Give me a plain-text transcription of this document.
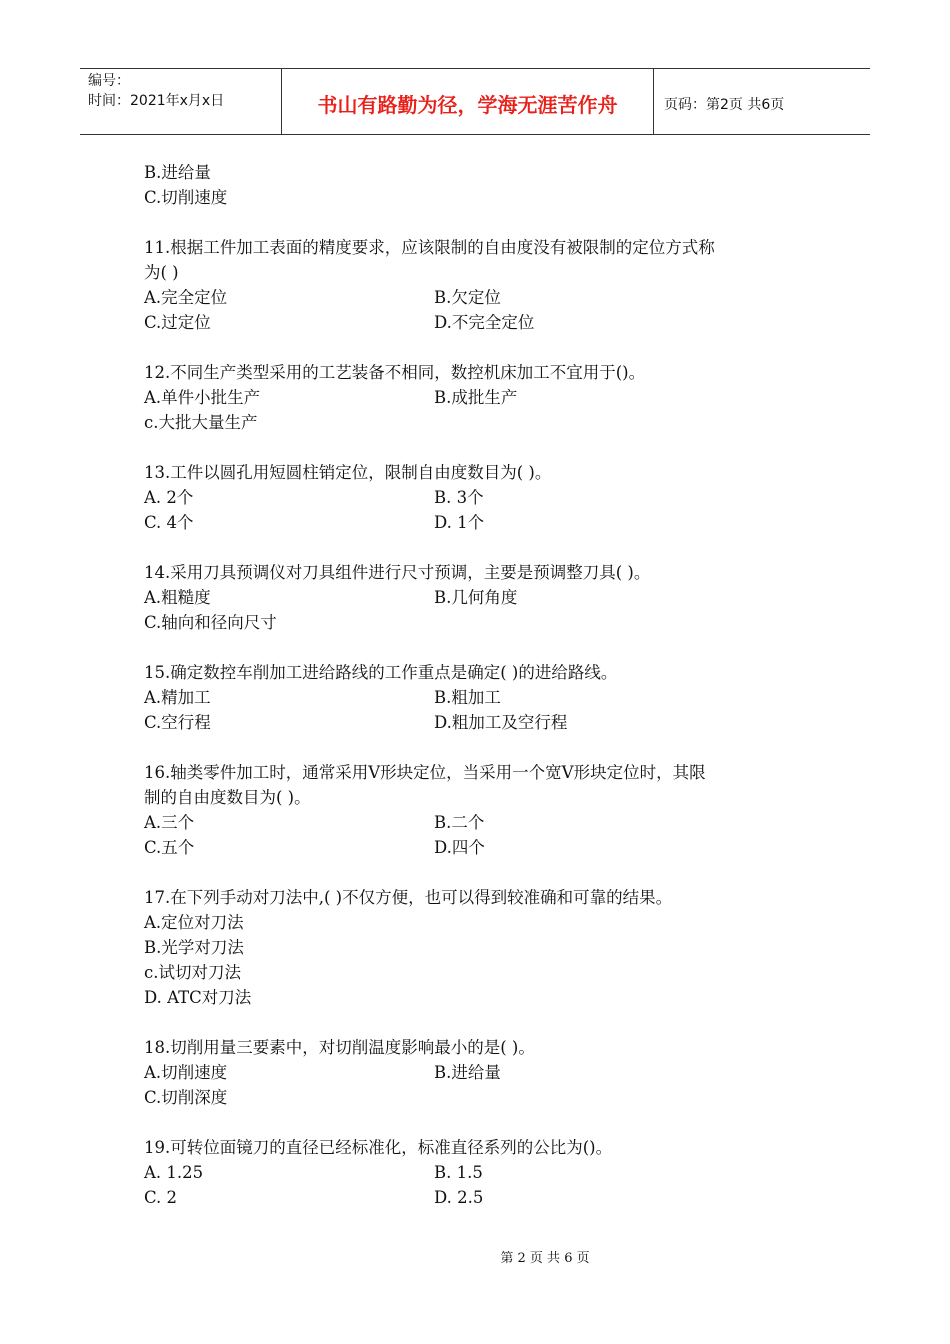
编号：
时间：2021年x月x日	书山有路勤为径，学海无涯苦作舟	页码：第2页 共6页
B.进给量
C.切削速度
11.根据工件加工表面的精度要求，应该限制的自由度没有被限制的定位方式称
为( )
A.完全定位	B.欠定位
C.过定位	D.不完全定位
12.不同生产类型采用的工艺装备不相同，数控机床加工不宜用于()。
A.单件小批生产	B.成批生产
c.大批大量生产
13.工件以圆孔用短圆柱销定位，限制自由度数目为( )。
A. 2个	B. 3个
C. 4个	D. 1个
14.采用刀具预调仪对刀具组件进行尺寸预调，主要是预调整刀具( )。
A.粗糙度	B.几何角度
C.轴向和径向尺寸
15.确定数控车削加工进给路线的工作重点是确定( )的进给路线。
A.精加工	B.粗加工
C.空行程	D.粗加工及空行程
16.轴类零件加工时，通常采用V形块定位，当采用一个宽V形块定位时，其限
制的自由度数目为( )。
A.三个	B.二个
C.五个	D.四个
17.在下列手动对刀法中,( )不仅方便，也可以得到较准确和可靠的结果。
A.定位对刀法
B.光学对刀法
c.试切对刀法
D. ATC对刀法
18.切削用量三要素中，对切削温度影响最小的是( )。
A.切削速度	B.进给量
C.切削深度
19.可转位面镜刀的直径已经标准化，标准直径系列的公比为()。
A. 1.25	B. 1.5
C. 2	D. 2.5
第 2 页 共 6 页
